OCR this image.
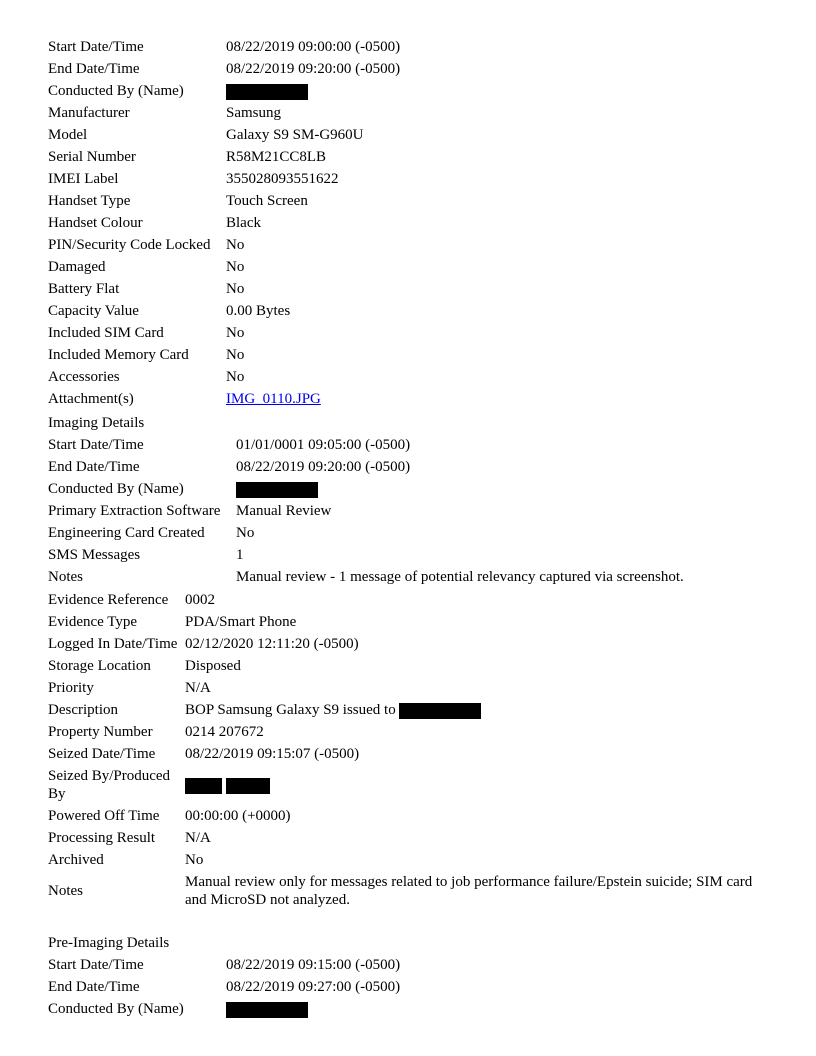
Start Date/Time	08/22/2019 09:00:00 (-0500)
End Date/Time	08/22/2019 09:20:00 (-0500)
Conducted By (Name)	
Manufacturer	Samsung
Model	Galaxy S9 SM-G960U
Serial Number	R58M21CC8LB
IMEI Label	355028093551622
Handset Type	Touch Screen
Handset Colour	Black
PIN/Security Code Locked	No
Damaged	No
Battery Flat	No
Capacity Value	0.00 Bytes
Included SIM Card	No
Included Memory Card	No
Accessories	No
Attachment(s)	IMG_0110.JPG
Imaging Details
Start Date/Time	01/01/0001 09:05:00 (-0500)
End Date/Time	08/22/2019 09:20:00 (-0500)
Conducted By (Name)	
Primary Extraction Software	Manual Review
Engineering Card Created	No
SMS Messages	1
Notes	Manual review - 1 message of potential relevancy captured via screenshot.
Evidence Reference	0002
Evidence Type	PDA/Smart Phone
Logged In Date/Time	02/12/2020 12:11:20 (-0500)
Storage Location	Disposed
Priority	N/A
Description	BOP Samsung Galaxy S9 issued to
Property Number	0214 207672
Seized Date/Time	08/22/2019 09:15:07 (-0500)
Seized By/Produced By	
Powered Off Time	00:00:00 (+0000)
Processing Result	N/A
Archived	No
Notes	Manual review only for messages related to job performance failure/Epstein suicide; SIM card and MicroSD not analyzed.
Pre-Imaging Details
Start Date/Time	08/22/2019 09:15:00 (-0500)
End Date/Time	08/22/2019 09:27:00 (-0500)
Conducted By (Name)	
